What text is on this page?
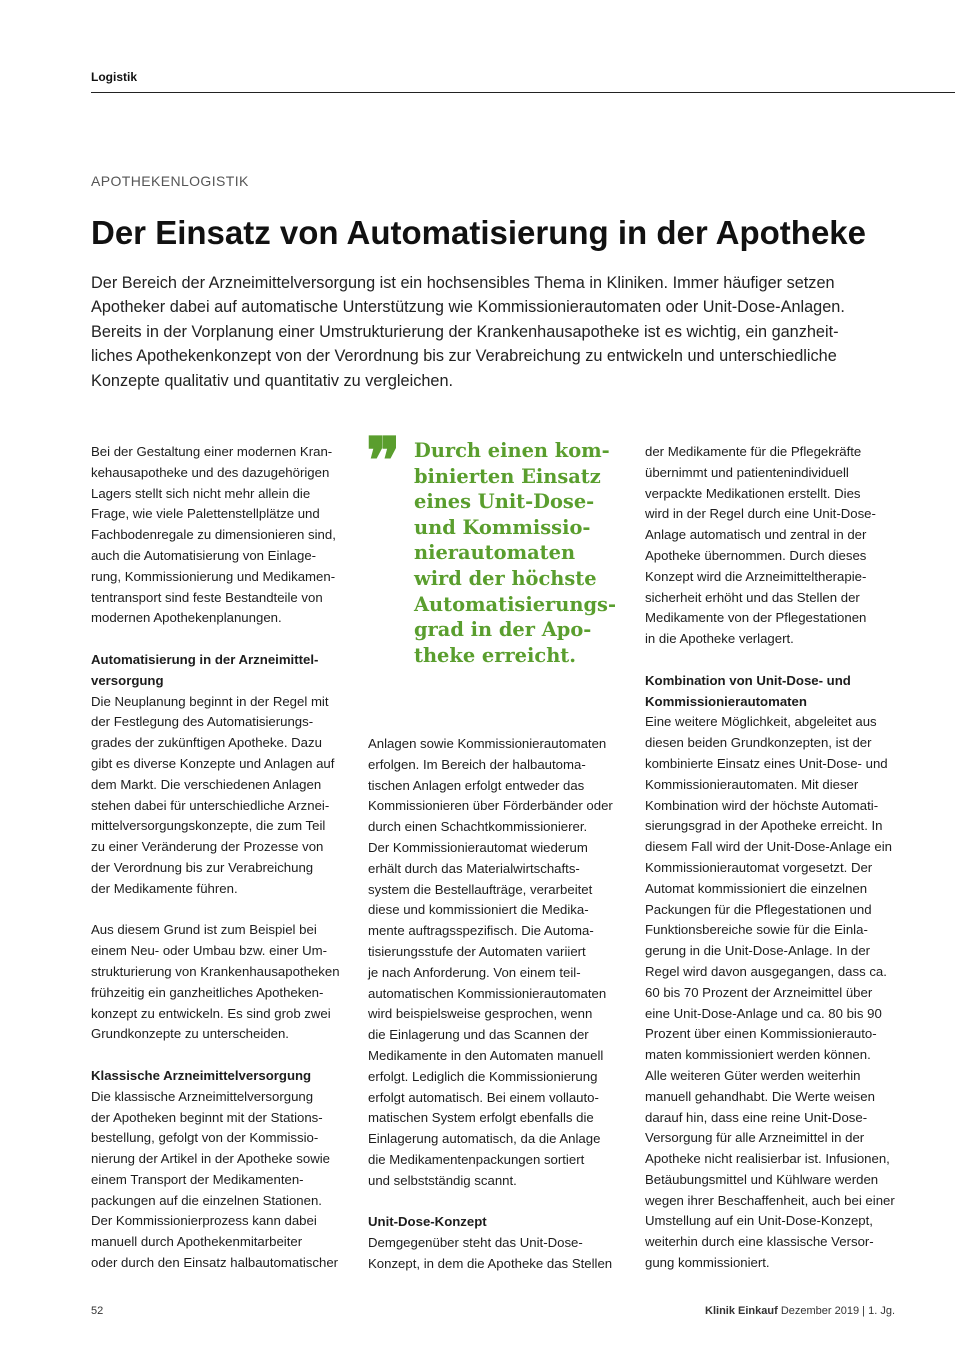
Logistik
APOTHEKENLOGISTIK
Der Einsatz von Automatisierung in der Apotheke

Der Bereich der Arzneimittelversorgung ist ein hochsensibles Thema in Kliniken. Immer häufiger setzen
Apotheker dabei auf automatische Unterstützung wie Kommissionierautomaten oder Unit-Dose-Anlagen.
Bereits in der Vorplanung einer Umstrukturierung der Krankenhausapotheke ist es wichtig, ein ganzheit-
liches Apothekenkonzept von der Verordnung bis zur Verabreichung zu entwickeln und unterschiedliche
Konzepte qualitativ und quantitativ zu vergleichen.

Bei der Gestaltung einer modernen Kran-
kehausapotheke und des dazugehörigen
Lagers stellt sich nicht mehr allein die
Frage, wie viele Palettenstellplätze und
Fachbodenregale zu dimensionieren sind,
auch die Automatisierung von Einlage-
rung, Kommissionierung und Medikamen-
tentransport sind feste Bestandteile von
modernen Apothekenplanungen.
Automatisierung in der Arzneimittel-
versorgung
Die Neuplanung beginnt in der Regel mit
der Festlegung des Automatisierungs-
grades der zukünftigen Apotheke. Dazu
gibt es diverse Konzepte und Anlagen auf
dem Markt. Die verschiedenen Anlagen
stehen dabei für unterschiedliche Arznei-
mittelversorgungskonzepte, die zum Teil
zu einer Veränderung der Prozesse von
der Verordnung bis zur Verabreichung
der Medikamente führen.
Aus diesem Grund ist zum Beispiel bei
einem Neu- oder Umbau bzw. einer Um-
strukturierung von Krankenhausapotheken
frühzeitig ein ganzheitliches Apotheken-
konzept zu entwickeln. Es sind grob zwei
Grundkonzepte zu unterscheiden.
Klassische Arzneimittelversorgung
Die klassische Arzneimittelversorgung
der Apotheken beginnt mit der Stations-
bestellung, gefolgt von der Kommissio-
nierung der Artikel in der Apotheke sowie
einem Transport der Medikamenten-
packungen auf die einzelnen Stationen.
Der Kommissionierprozess kann dabei
manuell durch Apothekenmitarbeiter
oder durch den Einsatz halbautomatischer
❞ Durch einen kom-
binierten Einsatz
eines Unit-Dose-
und Kommissio-
nierautomaten
wird der höchste
Automatisierungs-
grad in der Apo-
theke erreicht.
Anlagen sowie Kommissionierautomaten
erfolgen. Im Bereich der halbautoma-
tischen Anlagen erfolgt entweder das
Kommissionieren über Förderbänder oder
durch einen Schachtkommissionierer.
Der Kommissionierautomat wiederum
erhält durch das Materialwirtschafts-
system die Bestellaufträge, verarbeitet
diese und kommissioniert die Medika-
mente auftragsspezifisch. Die Automa-
tisierungsstufe der Automaten variiert
je nach Anforderung. Von einem teil-
automatischen Kommissionierautomaten
wird beispielsweise gesprochen, wenn
die Einlagerung und das Scannen der
Medikamente in den Automaten manuell
erfolgt. Lediglich die Kommissionierung
erfolgt automatisch. Bei einem vollauto-
matischen System erfolgt ebenfalls die
Einlagerung automatisch, da die Anlage
die Medikamentenpackungen sortiert
und selbstständig scannt.
Unit-Dose-Konzept
Demgegenüber steht das Unit-Dose-
Konzept, in dem die Apotheke das Stellen
der Medikamente für die Pflegekräfte
übernimmt und patientenindividuell
verpackte Medikationen erstellt. Dies
wird in der Regel durch eine Unit-Dose-
Anlage automatisch und zentral in der
Apotheke übernommen. Durch dieses
Konzept wird die Arzneimitteltherapie-
sicherheit erhöht und das Stellen der
Medikamente von der Pflegestationen
in die Apotheke verlagert.
Kombination von Unit-Dose- und
Kommissionierautomaten
Eine weitere Möglichkeit, abgeleitet aus
diesen beiden Grundkonzepten, ist der
kombinierte Einsatz eines Unit-Dose- und
Kommissionierautomaten. Mit dieser
Kombination wird der höchste Automati-
sierungsgrad in der Apotheke erreicht. In
diesem Fall wird der Unit-Dose-Anlage ein
Kommissionierautomat vorgesetzt. Der
Automat kommissioniert die einzelnen
Packungen für die Pflegestationen und
Funktionsbereiche sowie für die Einla-
gerung in die Unit-Dose-Anlage. In der
Regel wird davon ausgegangen, dass ca.
60 bis 70 Prozent der Arzneimittel über
eine Unit-Dose-Anlage und ca. 80 bis 90
Prozent über einen Kommissionierauto-
maten kommissioniert werden können.
Alle weiteren Güter werden weiterhin
manuell gehandhabt. Die Werte weisen
darauf hin, dass eine reine Unit-Dose-
Versorgung für alle Arzneimittel in der
Apotheke nicht realisierbar ist. Infusionen,
Betäubungsmittel und Kühlware werden
wegen ihrer Beschaffenheit, auch bei einer
Umstellung auf ein Unit-Dose-Konzept,
weiterhin durch eine klassische Versor-
gung kommissioniert.
52	Klinik Einkauf Dezember 2019 | 1. Jg.
